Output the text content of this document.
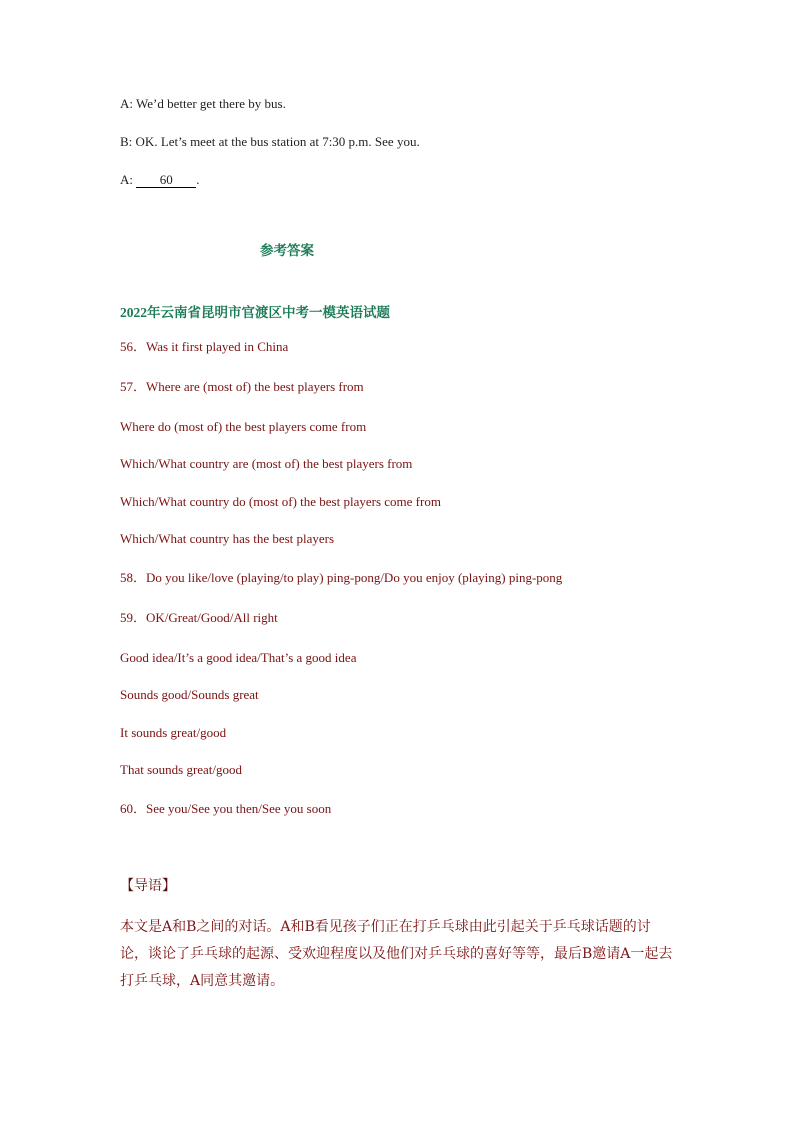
A: We’d better get there by bus.
B: OK. Let’s meet at the bus station at 7:30 p.m. See you.
A: 60 .
参考答案
2022年云南省昆明市官渡区中考一模英语试题
56．Was it first played in China
57．Where are (most of) the best players from
Where do (most of) the best players come from
Which/What country are (most of) the best players from
Which/What country do (most of) the best players come from
Which/What country has the best players
58．Do you like/love (playing/to play) ping-pong/Do you enjoy (playing) ping-pong
59．OK/Great/Good/All right
Good idea/It’s a good idea/That’s a good idea
Sounds good/Sounds great
It sounds great/good
That sounds great/good
60．See you/See you then/See you soon
【导语】
本文是A和B之间的对话。A和B看见孩子们正在打乒乓球由此引起关于乒乓球话题的讨论，谈论了乒乓球的起源、受欢迎程度以及他们对乒乓球的喜好等等，最后B邀请A一起去打乒乓球，A同意其邀请。
